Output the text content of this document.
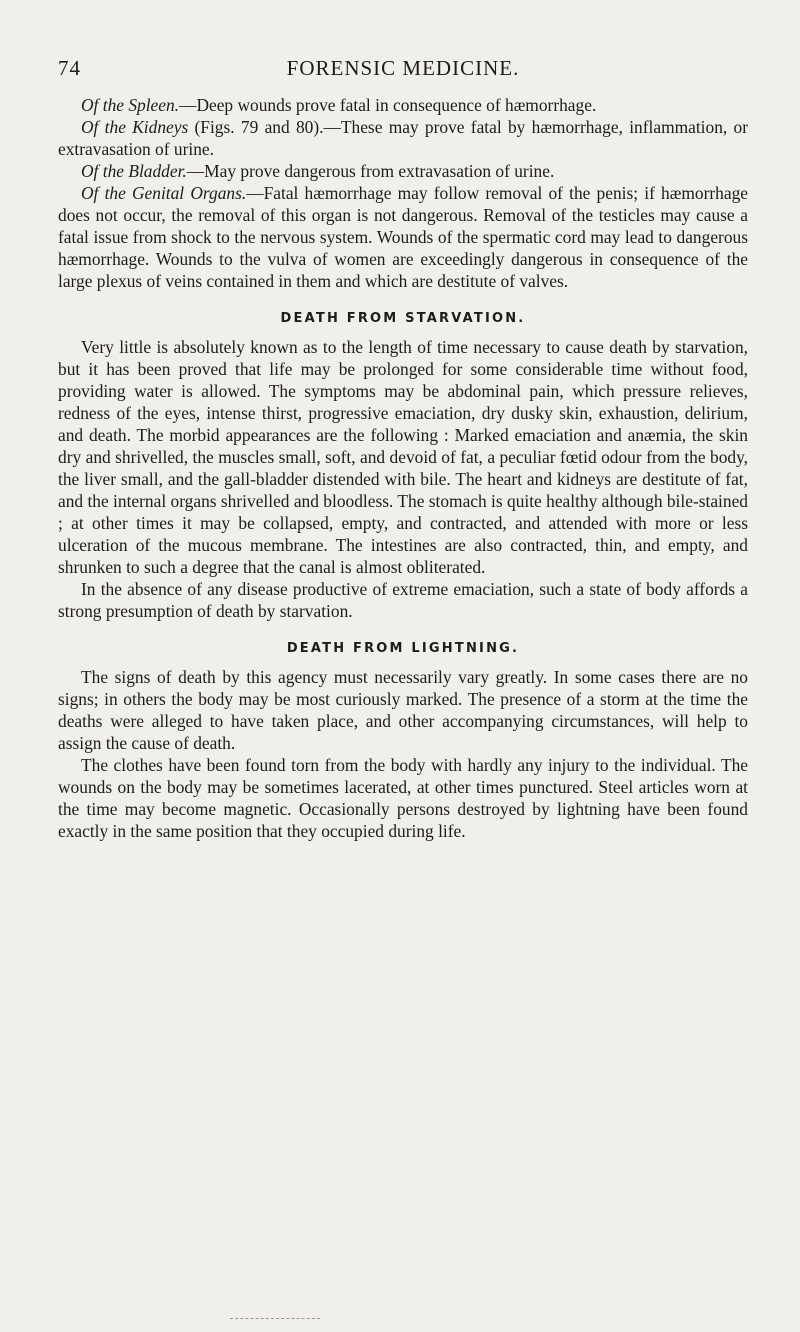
74	FORENSIC MEDICINE.

Of the Spleen.—Deep wounds prove fatal in consequence of hæmorrhage.

Of the Kidneys (Figs. 79 and 80).—These may prove fatal by hæmorrhage, inflammation, or extravasation of urine.

Of the Bladder.—May prove dangerous from extravasation of urine.

Of the Genital Organs.—Fatal hæmorrhage may follow removal of the penis; if hæmorrhage does not occur, the removal of this organ is not dangerous. Removal of the testicles may cause a fatal issue from shock to the nervous system. Wounds of the spermatic cord may lead to dangerous hæmorrhage. Wounds to the vulva of women are exceedingly dangerous in consequence of the large plexus of veins contained in them and which are destitute of valves.

DEATH FROM STARVATION.

Very little is absolutely known as to the length of time necessary to cause death by starvation, but it has been proved that life may be prolonged for some considerable time without food, providing water is allowed. The symptoms may be abdominal pain, which pressure relieves, redness of the eyes, intense thirst, progressive emaciation, dry dusky skin, exhaustion, delirium, and death. The morbid appearances are the following : Marked emaciation and anæmia, the skin dry and shrivelled, the muscles small, soft, and devoid of fat, a peculiar fœtid odour from the body, the liver small, and the gall-bladder distended with bile. The heart and kidneys are destitute of fat, and the internal organs shrivelled and bloodless. The stomach is quite healthy although bile-stained ; at other times it may be collapsed, empty, and contracted, and attended with more or less ulceration of the mucous membrane. The intestines are also contracted, thin, and empty, and shrunken to such a degree that the canal is almost obliterated.

In the absence of any disease productive of extreme emaciation, such a state of body affords a strong presumption of death by starvation.

DEATH FROM LIGHTNING.

The signs of death by this agency must necessarily vary greatly. In some cases there are no signs; in others the body may be most curiously marked. The presence of a storm at the time the deaths were alleged to have taken place, and other accompanying circumstances, will help to assign the cause of death.

The clothes have been found torn from the body with hardly any injury to the individual. The wounds on the body may be sometimes lacerated, at other times punctured. Steel articles worn at the time may become magnetic. Occasionally persons destroyed by lightning have been found exactly in the same position that they occupied during life.
